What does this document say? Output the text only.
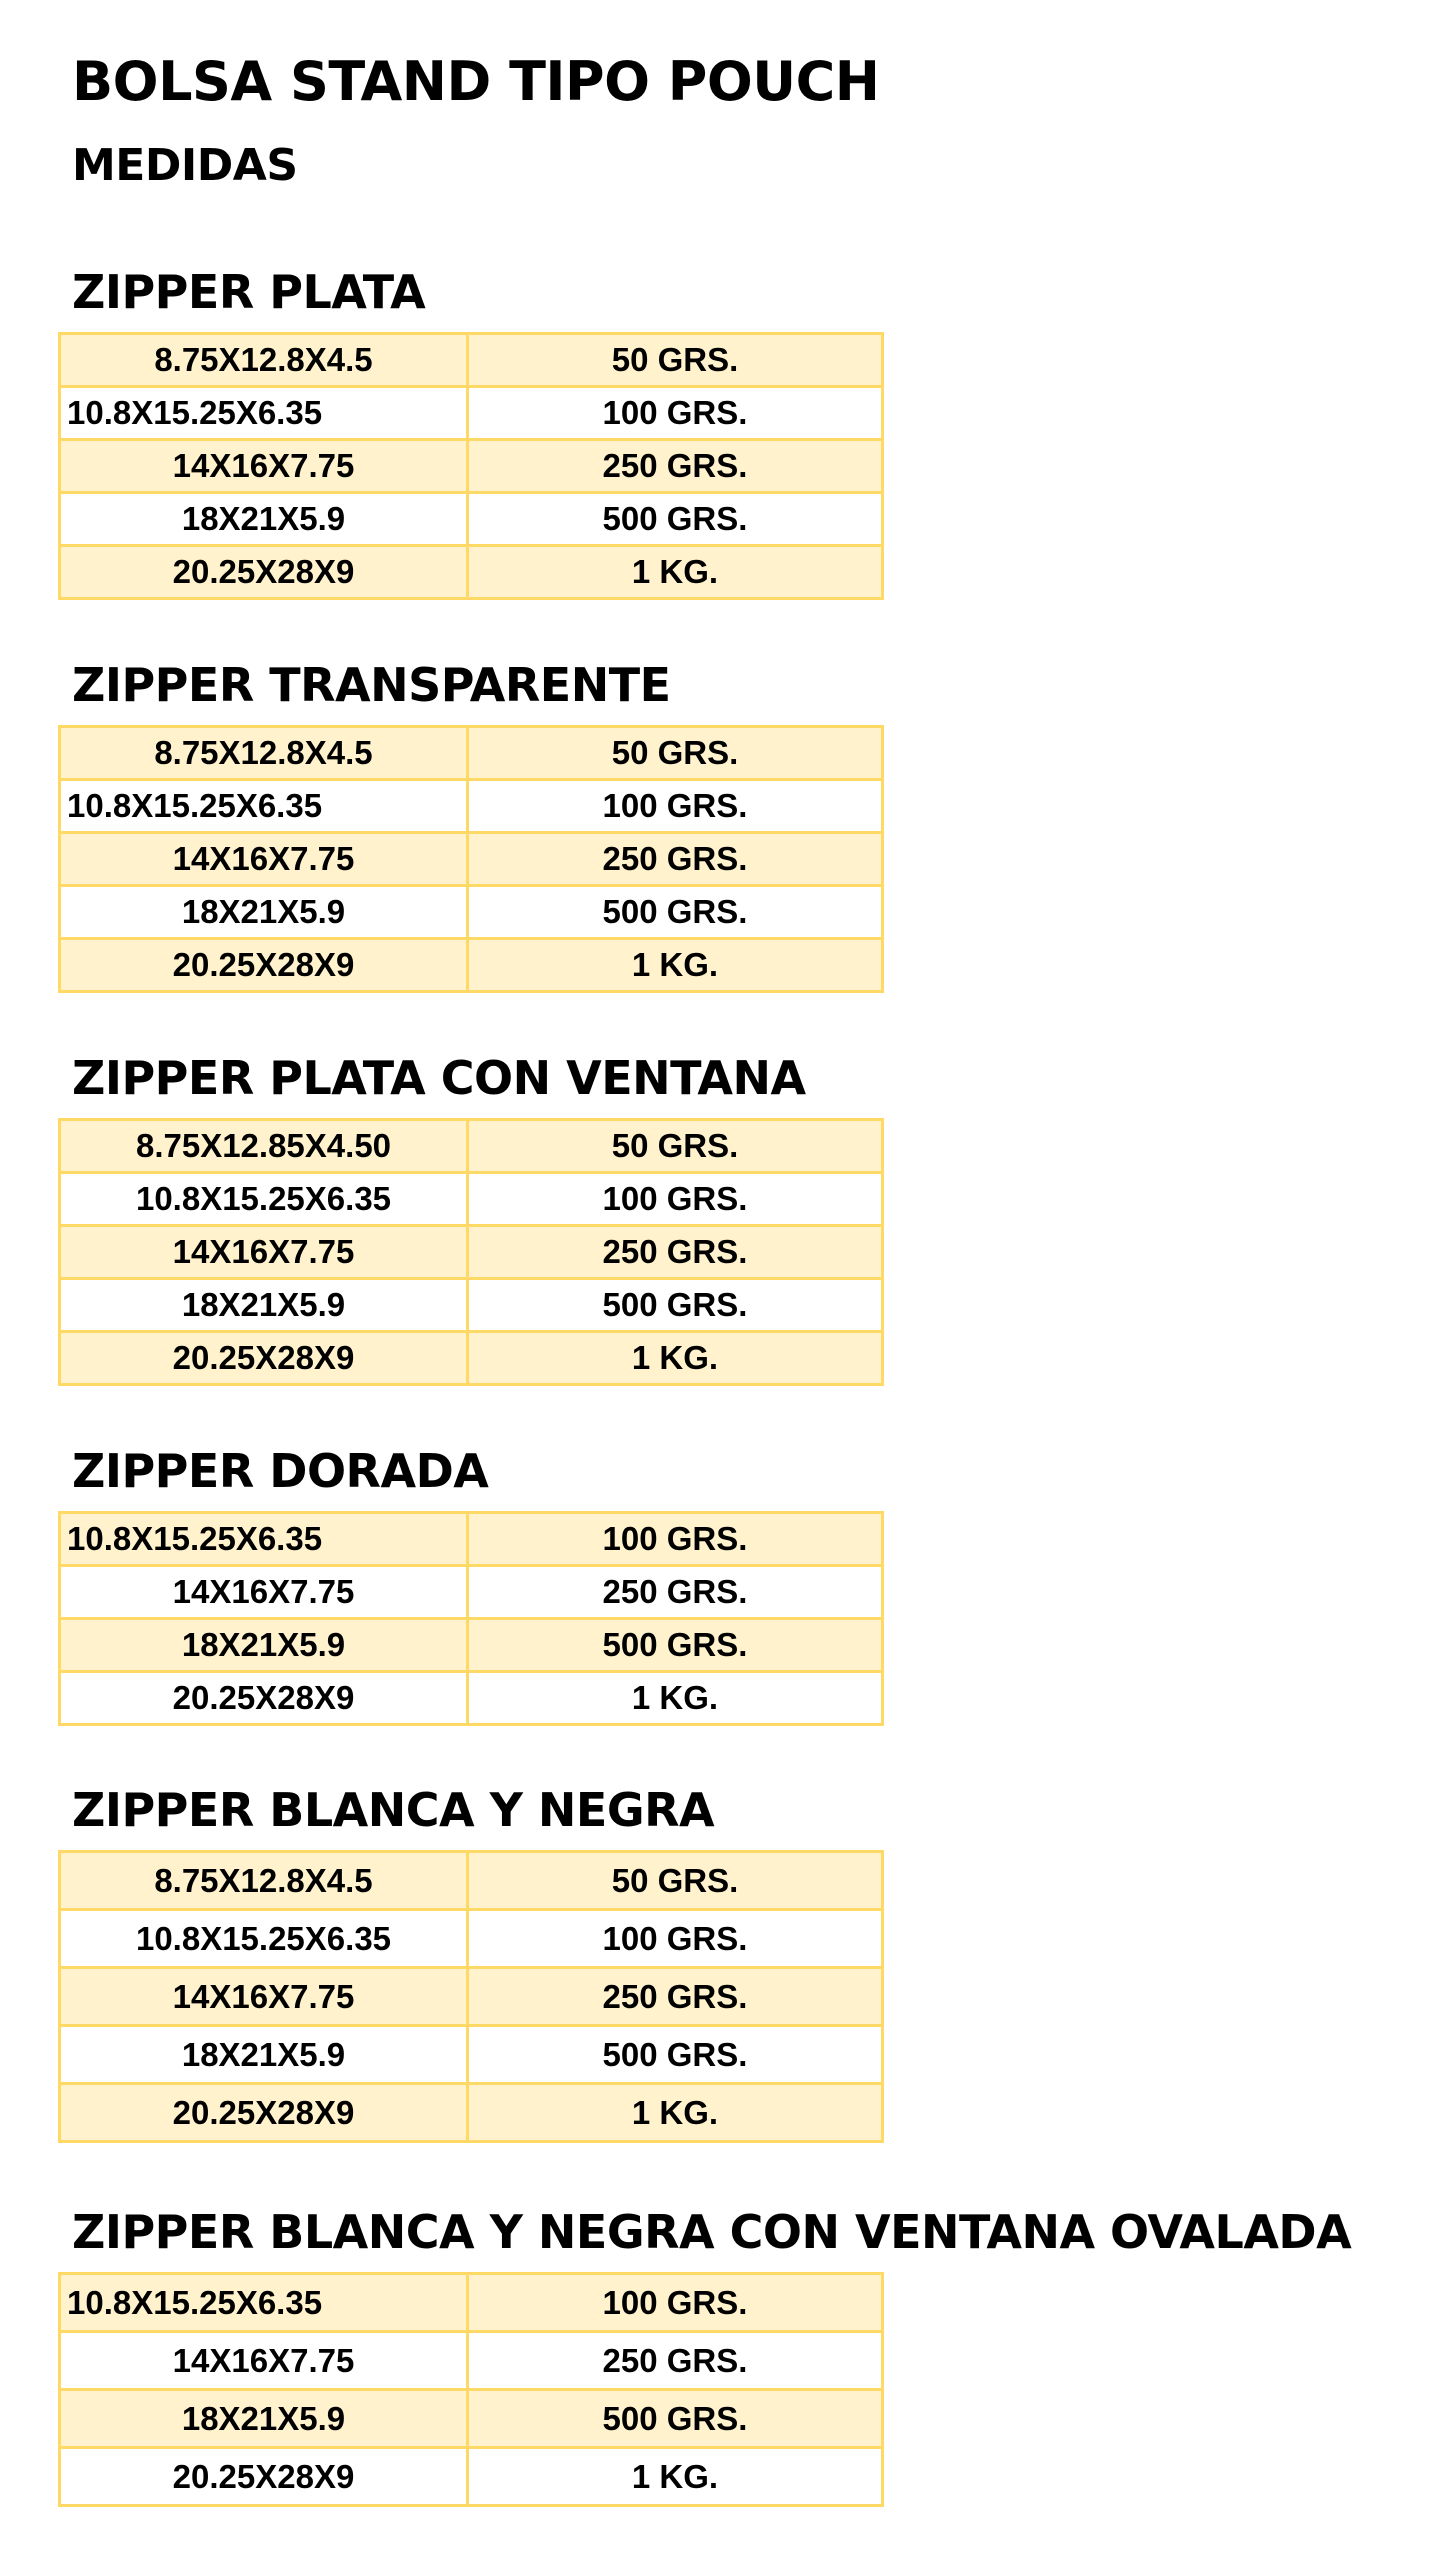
BOLSA STAND TIPO POUCH
MEDIDAS
ZIPPER PLATA
8.75X12.8X4.5	50 GRS.
10.8X15.25X6.35	100 GRS.
14X16X7.75	250 GRS.
18X21X5.9	500 GRS.
20.25X28X9	1 KG.
ZIPPER TRANSPARENTE
8.75X12.8X4.5	50 GRS.
10.8X15.25X6.35	100 GRS.
14X16X7.75	250 GRS.
18X21X5.9	500 GRS.
20.25X28X9	1 KG.
ZIPPER PLATA CON VENTANA
8.75X12.85X4.50	50 GRS.
10.8X15.25X6.35	100 GRS.
14X16X7.75	250 GRS.
18X21X5.9	500 GRS.
20.25X28X9	1 KG.
ZIPPER DORADA
10.8X15.25X6.35	100 GRS.
14X16X7.75	250 GRS.
18X21X5.9	500 GRS.
20.25X28X9	1 KG.
ZIPPER BLANCA Y NEGRA
8.75X12.8X4.5	50 GRS.
10.8X15.25X6.35	100 GRS.
14X16X7.75	250 GRS.
18X21X5.9	500 GRS.
20.25X28X9	1 KG.
ZIPPER BLANCA Y NEGRA CON VENTANA OVALADA
10.8X15.25X6.35	100 GRS.
14X16X7.75	250 GRS.
18X21X5.9	500 GRS.
20.25X28X9	1 KG.
